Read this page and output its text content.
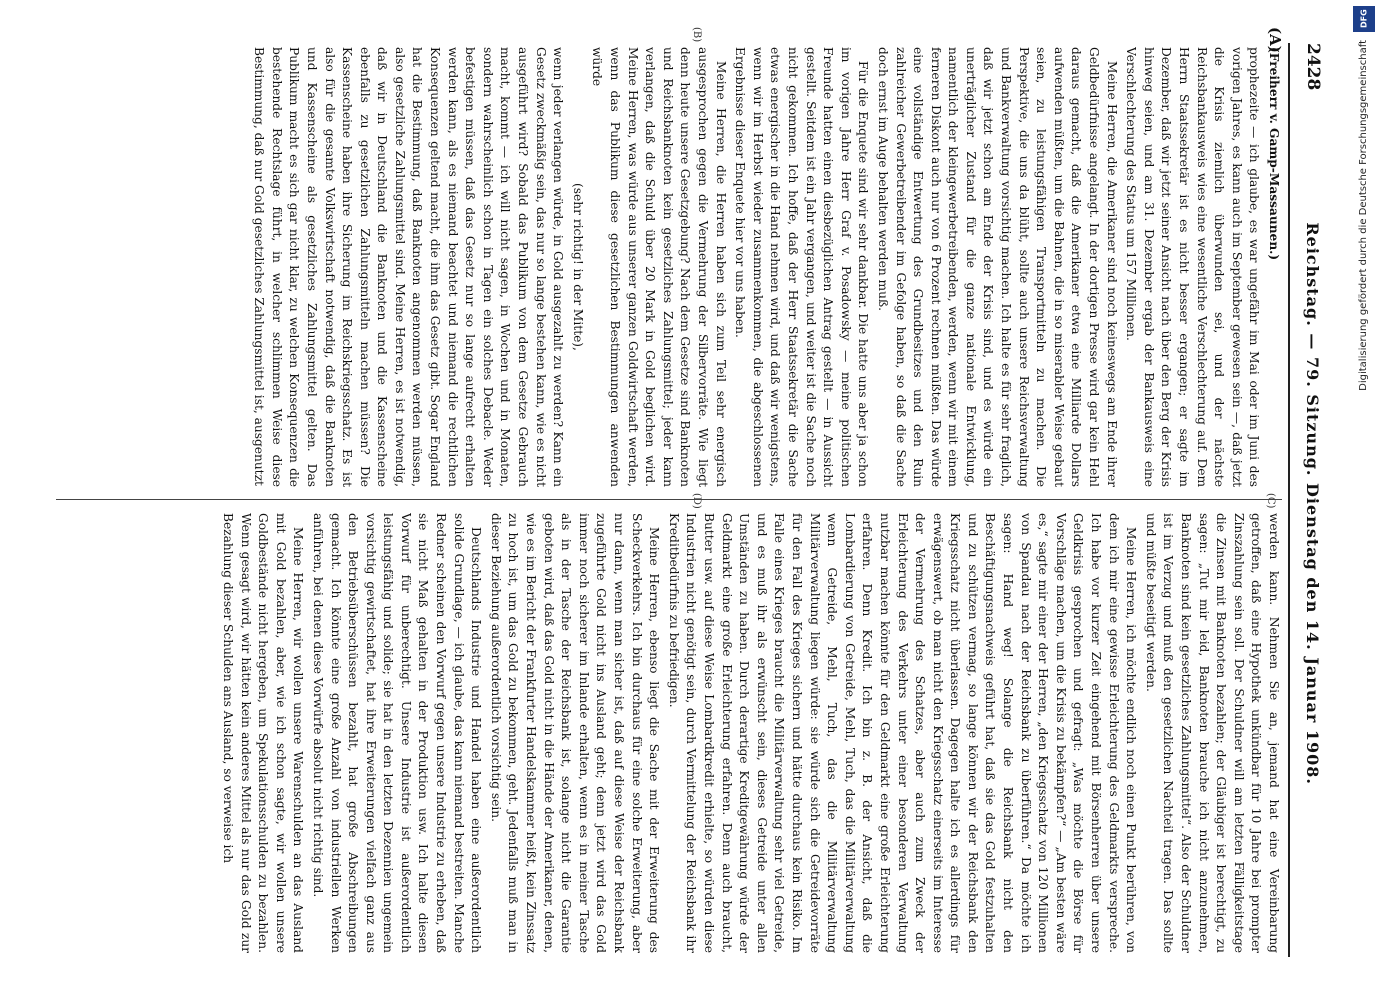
2428
Reichstag. — 79. Sitzung. Dienstag den 14. Januar 1908.
(A)
(C)
(B)
(D)

(Freiherr v. Gamp-Massaunen.)

prophezeite — ich glaube, es war ungefähr im Mai oder im Juni des vorigen Jahres, es kann auch im September gewesen sein —, daß jetzt die Krisis ziemlich überwunden sei, und der nächste Reichsbankausweis wies eine wesentliche Verschlechterung auf. Dem Herrn Staatssekretär ist es nicht besser ergangen; er sagte im Dezember, daß wir jetzt seiner Ansicht nach über den Berg der Krisis hinweg seien, und am 31. Dezember ergab der Bankausweis eine Verschlechterung des Status um 157 Millionen.

Meine Herren, die Amerikaner sind noch keineswegs am Ende ihrer Geldbedürfnisse angelangt. In der dortigen Presse wird gar kein Hehl daraus gemacht, daß die Amerikaner etwa eine Milliarde Dollars aufwenden müßten, um die Bahnen, die in so miserabler Weise gebaut seien, zu leistungsfähigen Transportmitteln zu machen. Die Perspektive, die uns da blüht, sollte auch unsere Reichsverwaltung und Bankverwaltung vorsichtig machen. Ich halte es für sehr fraglich, daß wir jetzt schon am Ende der Krisis sind, und es würde ein unerträglicher Zustand für die ganze nationale Entwicklung, namentlich der kleingewerbetreibenden, werden, wenn wir mit einem ferneren Diskont auch nur von 6 Prozent rechnen müßten. Das würde eine vollständige Entwertung des Grundbesitzes und den Ruin zahlreicher Gewerbetreibender im Gefolge haben, so daß die Sache doch ernst im Auge behalten werden muß.

Für die Enquete sind wir sehr dankbar. Die hatte uns aber ja schon im vorigen Jahre Herr Graf v. Posadowsky — meine politischen Freunde hatten einen diesbezüglichen Antrag gestellt — in Aussicht gestellt. Seitdem ist ein Jahr vergangen, und weiter ist die Sache noch nicht gekommen. Ich hoffe, daß der Herr Staatssekretär die Sache etwas energischer in die Hand nehmen wird, und daß wir wenigstens, wenn wir im Herbst wieder zusammenkommen, die abgeschlossenen Ergebnisse dieser Enquete hier vor uns haben.

Meine Herren, die Herren haben sich zum Teil sehr energisch ausgesprochen gegen die Vermehrung der Silbervorräte. Wie liegt denn heute unsere Gesetzgebung? Nach dem Gesetze sind Banknoten und Reichsbanknoten kein gesetzliches Zahlungsmittel; jeder kann verlangen, daß die Schuld über 20 Mark in Gold beglichen wird. Meine Herren, was würde aus unserer ganzen Goldwirtschaft werden, wenn das Publikum diese gesetzlichen Bestimmungen anwenden würde

(sehr richtig! in der Mitte),

wenn jeder verlangen würde, in Gold ausgezahlt zu werden? Kann ein Gesetz zweckmäßig sein, das nur so lange bestehen kann, wie es nicht ausgeführt wird? Sobald das Publikum von dem Gesetze Gebrauch macht, kommt — ich will nicht sagen, in Wochen und in Monaten, sondern wahrscheinlich schon in Tagen ein solches Debacle. Weder befestigen müssen, daß das Gesetz nur so lange aufrecht erhalten werden kann, als es niemand beachtet und niemand die rechtlichen Konsequenzen geltend macht, die ihm das Gesetz gibt. Sogar England hat die Bestimmung, daß Banknoten angenommen werden müssen, also gesetzliche Zahlungsmittel sind. Meine Herren, es ist notwendig, daß wir in Deutschland die Banknoten und die Kassenscheine ebenfalls zu gesetzlichen Zahlungsmitteln machen müssen? Die Kassenscheine haben ihre Sicherung im Reichskriegsschatz. Es ist also für die gesamte Volkswirtschaft notwendig, daß die Banknoten und Kassenscheine als gesetzliches Zahlungsmittel gelten. Das Publikum macht es sich gar nicht klar, zu welchen Konsequenzen die bestehende Rechtslage führt, in welcher schlimmen Weise diese Bestimmung, daß nur Gold gesetzliches Zahlungsmittel ist, ausgenutzt

werden kann. Nehmen Sie an, jemand hat eine Vereinbarung getroffen, daß eine Hypothek unkündbar für 10 Jahre bei prompter Zinszahlung sein soll. Der Schuldner will am letzten Fälligkeitstage die Zinsen mit Banknoten bezahlen; der Gläubiger ist berechtigt, zu sagen: „Tut mir leid, Banknoten brauche ich nicht anzunehmen, Banknoten sind kein gesetzliches Zahlungsmittel“. Also der Schuldner ist im Verzug und muß den gesetzlichen Nachteil tragen. Das sollte und müßte beseitigt werden.

Meine Herren, ich möchte endlich noch einen Punkt berühren, von dem ich mir eine gewisse Erleichterung des Geldmarkts verspreche. Ich habe vor kurzer Zeit eingehend mit Börsenherren über unsere Geldkrisis gesprochen und gefragt: „Was möchte die Börse für Vorschläge machen, um die Krisis zu bekämpfen?“ — „Am besten wäre es,“ sagte mir einer der Herren, „den Kriegsschatz von 120 Millionen von Spandau nach der Reichsbank zu überführen.“ Da möchte ich sagen: Hand weg! Solange die Reichsbank nicht den Beschäftigungsnachweis geführt hat, daß sie das Gold festzuhalten und zu schützen vermag, so lange können wir der Reichsbank den Kriegsschatz nicht überlassen. Dagegen halte ich es allerdings für erwägenswert, ob man nicht den Kriegsschatz einerseits im Interesse der Vermehrung des Schatzes, aber auch zum Zweck der Erleichterung des Verkehrs unter einer besonderen Verwaltung nutzbar machen könnte für den Geldmarkt eine große Erleichterung erfahren. Denn Kredit. Ich bin z. B. der Ansicht, daß die Lombardierung von Getreide, Mehl, Tuch, das die Militärverwaltung wenn Getreide, Mehl, Tuch, das die Militärverwaltung Militärverwaltung liegen würde: sie würde sich die Getreidevorräte für den Fall des Krieges sichern und hätte durchaus kein Risiko. Im Falle eines Krieges braucht die Militärverwaltung sehr viel Getreide, und es muß ihr als erwünscht sein, dieses Getreide unter allen Umständen zu haben. Durch derartige Kreditgewährung würde der Geldmarkt eine große Erleichterung erfahren. Denn auch braucht, Butter usw. auf diese Weise Lombardkredit erhielte, so würden diese Industrien nicht genötigt sein, durch Vermittelung der Reichsbank ihr Kreditbedürfnis zu befriedigen.

Meine Herren, ebenso liegt die Sache mit der Erweiterung des Scheckverkehrs. Ich bin durchaus für eine solche Erweiterung, aber nur dann, wenn man sicher ist, daß auf diese Weise der Reichsbank zugeführte Gold nicht ins Ausland geht; denn jetzt wird das Gold immer noch sicherer im Inlande erhalten, wenn es in meiner Tasche als in der Tasche der Reichsbank ist, solange nicht die Garantie geboten wird, daß das Gold nicht in die Hände der Amerikaner, denen, wie es im Bericht der Frankfurter Handelskammer heißt, kein Zinssatz zu hoch ist, um das Gold zu bekommen, geht. Jedenfalls muß man in dieser Beziehung außerordentlich vorsichtig sein.

Deutschlands Industrie und Handel haben eine außerordentlich solide Grundlage, — ich glaube, das kann niemand bestreiten. Manche Redner scheinen den Vorwurf gegen unsere Industrie zu erheben, daß sie nicht Maß gehalten in der Produktion usw. Ich halte diesen Vorwurf für unberechtigt. Unsere Industrie ist außerordentlich leistungsfähig und solide; sie hat in den letzten Dezennien ungemein vorsichtig gewirtschaftet, hat ihre Erweiterungen vielfach ganz aus den Betriebsüberschüssen bezahlt, hat große Abschreibungen gemacht. Ich könnte eine große Anzahl von industriellen Werken anführen, bei denen diese Vorwürfe absolut nicht richtig sind.

Meine Herren, wir wollen unsere Warenschulden an das Ausland mit Gold bezahlen, aber, wie ich schon sagte, wir wollen unsere Goldbestände nicht hergeben, um Spekulationsschulden zu bezahlen. Wenn gesagt wird, wir hätten kein anderes Mittel als nur das Gold zur Bezahlung dieser Schulden ans Ausland, so verweise ich

DFG
Digitalisierung gefördert durch die Deutsche Forschungsgemeinschaft
